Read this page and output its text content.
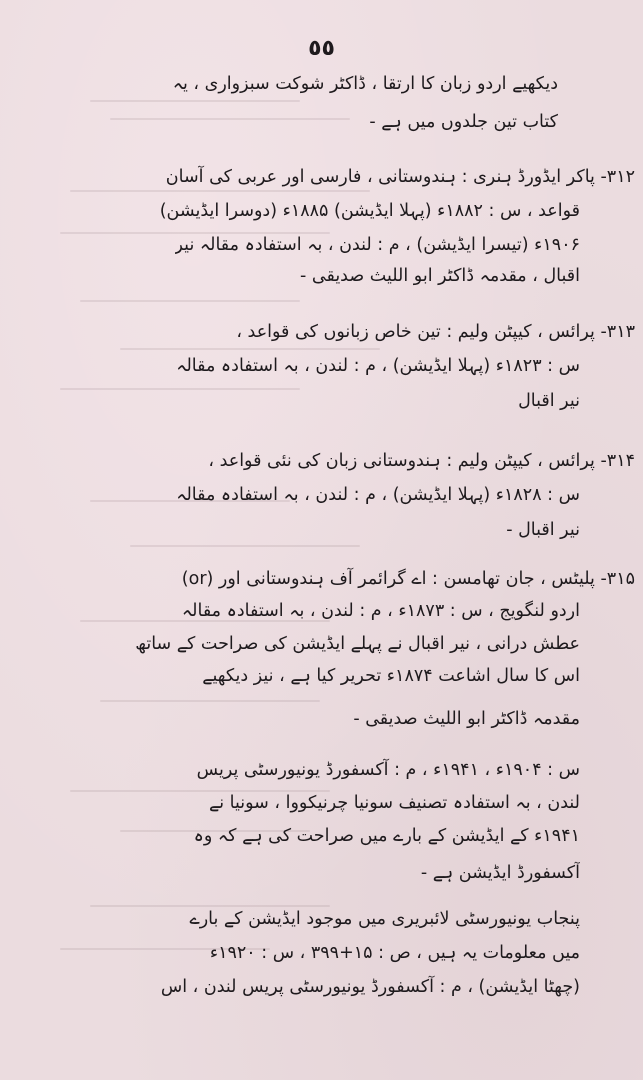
٥٥
دیکھیے اردو زبان کا ارتقا ، ڈاکٹر شوکت سبزواری ، یہ
کتاب تین جلدوں میں ہے -
۳۱۲- پاکر ایڈورڈ ہنری : ہندوستانی ، فارسی اور عربی کی آسان
قواعد ، س : ۱۸۸۲ء (پہلا ایڈیشن) ۱۸۸۵ء (دوسرا ایڈیشن)
۱۹۰۶ء (تیسرا ایڈیشن) ، م : لندن ، بہ استفادہ مقالہ نیر
اقبال ، مقدمہ ڈاکٹر ابو اللیث صدیقی -
۳۱۳- پرائس ، کیپٹن ولیم : تین خاص زبانوں کی قواعد ،
س : ۱۸۲۳ء (پہلا ایڈیشن) ، م : لندن ، بہ استفادہ مقالہ
نیر اقبال
۳۱۴- پرائس ، کیپٹن ولیم : ہندوستانی زبان کی نئی قواعد ،
س : ۱۸۲۸ء (پہلا ایڈیشن) ، م : لندن ، بہ استفادہ مقالہ
نیر اقبال -
۳۱۵- پلیٹس ، جان تھامسن : اے گرائمر آف ہندوستانی اور (or)
اردو لنگویج ، س : ۱۸۷۳ء ، م : لندن ، بہ استفادہ مقالہ
عطش درانی ، نیر اقبال نے پہلے ایڈیشن کی صراحت کے ساتھ
اس کا سال اشاعت ۱۸۷۴ء تحریر کیا ہے ، نیز دیکھیے
مقدمہ ڈاکٹر ابو اللیث صدیقی -
س : ۱۹۰۴ء ، ۱۹۴۱ء ، م : آکسفورڈ یونیورسٹی پریس
لندن ، بہ استفادہ تصنیف سونیا چرنیکووا ، سونیا نے
۱۹۴۱ء کے ایڈیشن کے بارے میں صراحت کی ہے کہ وہ
آکسفورڈ ایڈیشن ہے -
پنجاب یونیورسٹی لائبریری میں موجود ایڈیشن کے بارے
میں معلومات یہ ہیں ، ص : ۱۵+۳۹۹ ، س : ۱۹۲۰ء
(چھٹا ایڈیشن) ، م : آکسفورڈ یونیورسٹی پریس لندن ، اس
